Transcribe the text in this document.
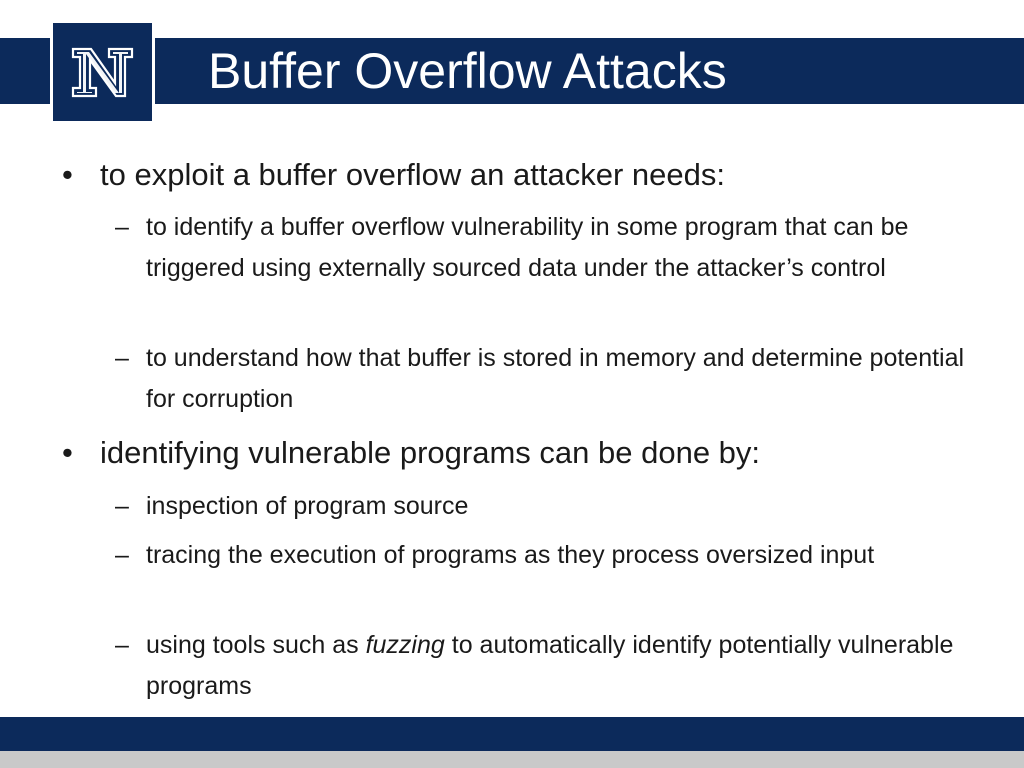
Buffer Overflow Attacks
• to exploit a buffer overflow an attacker needs:
– to identify a buffer overflow vulnerability in some program that can be triggered using externally sourced data under the attacker’s control
– to understand how that buffer is stored in memory and determine potential for corruption
• identifying vulnerable programs can be done by:
– inspection of program source
– tracing the execution of programs as they process oversized input
– using tools such as fuzzing to automatically identify potentially vulnerable programs
